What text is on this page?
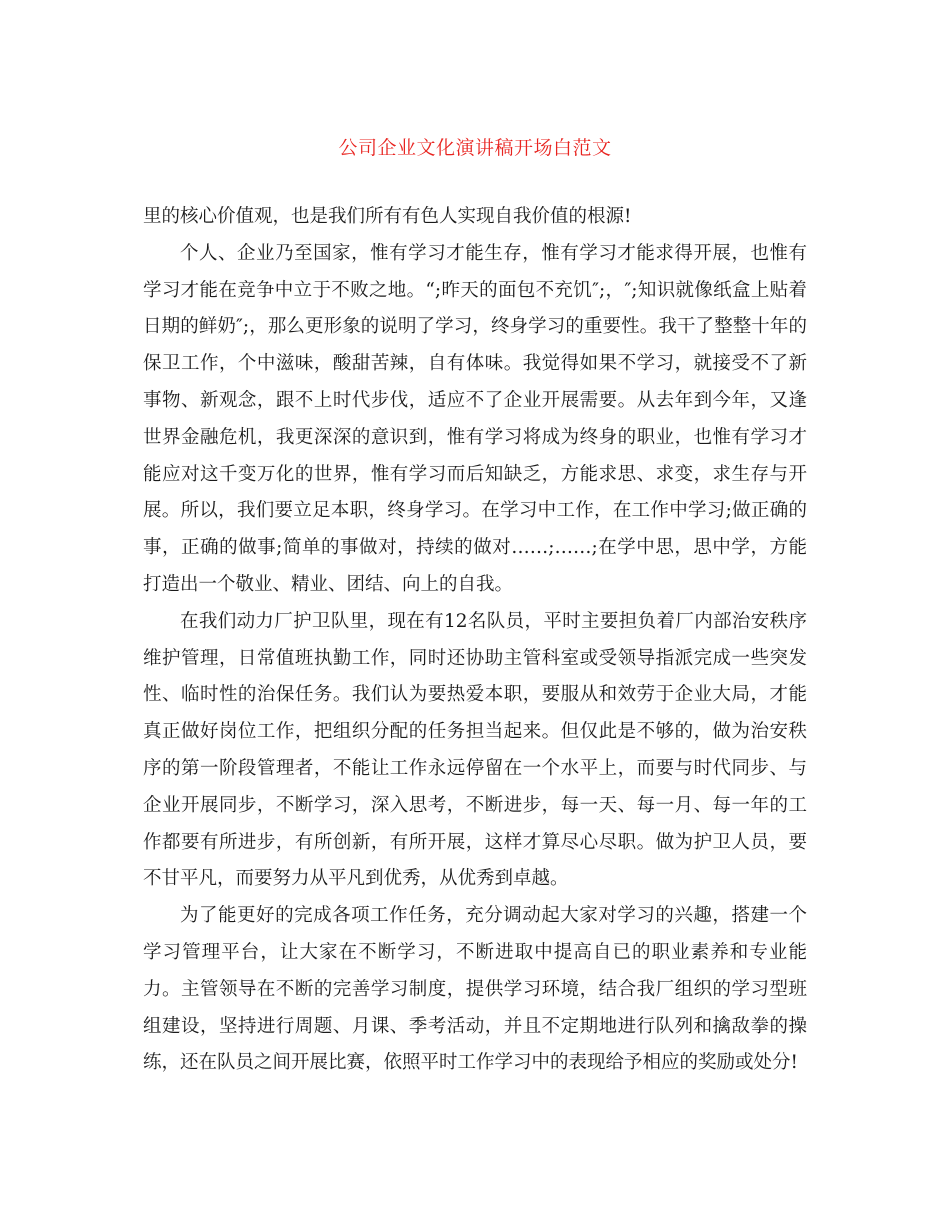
公司企业文化演讲稿开场白范文

里的核心价值观，也是我们所有有色人实现自我价值的根源!

个人、企业乃至国家，惟有学习才能生存，惟有学习才能求得开展，也惟有学习才能在竞争中立于不败之地。“;昨天的面包不充饥″;，″;知识就像纸盒上贴着日期的鲜奶″;，那么更形象的说明了学习，终身学习的重要性。我干了整整十年的保卫工作，个中滋味，酸甜苦辣，自有体味。我觉得如果不学习，就接受不了新事物、新观念，跟不上时代步伐，适应不了企业开展需要。从去年到今年，又逢世界金融危机，我更深深的意识到，惟有学习将成为终身的职业，也惟有学习才能应对这千变万化的世界，惟有学习而后知缺乏，方能求思、求变，求生存与开展。所以，我们要立足本职，终身学习。在学习中工作，在工作中学习;做正确的事，正确的做事;简单的事做对，持续的做对……;……;在学中思，思中学，方能打造出一个敬业、精业、团结、向上的自我。

在我们动力厂护卫队里，现在有12名队员，平时主要担负着厂内部治安秩序维护管理，日常值班执勤工作，同时还协助主管科室或受领导指派完成一些突发性、临时性的治保任务。我们认为要热爱本职，要服从和效劳于企业大局，才能真正做好岗位工作，把组织分配的任务担当起来。但仅此是不够的，做为治安秩序的第一阶段管理者，不能让工作永远停留在一个水平上，而要与时代同步、与企业开展同步，不断学习，深入思考，不断进步，每一天、每一月、每一年的工作都要有所进步，有所创新，有所开展，这样才算尽心尽职。做为护卫人员，要不甘平凡，而要努力从平凡到优秀，从优秀到卓越。

为了能更好的完成各项工作任务，充分调动起大家对学习的兴趣，搭建一个学习管理平台，让大家在不断学习，不断进取中提高自已的职业素养和专业能力。主管领导在不断的完善学习制度，提供学习环境，结合我厂组织的学习型班组建设，坚持进行周题、月课、季考活动，并且不定期地进行队列和擒敌拳的操练，还在队员之间开展比赛，依照平时工作学习中的表现给予相应的奖励或处分!
